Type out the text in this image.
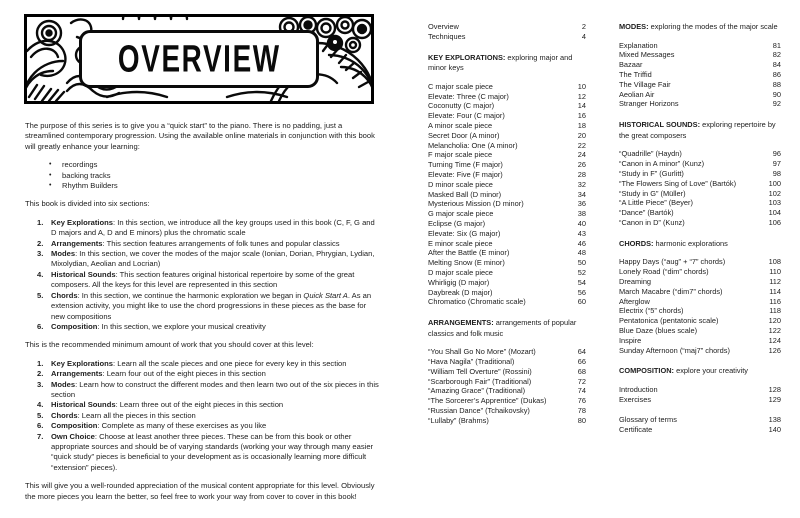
OVERVIEW

The purpose of this series is to give you a “quick start” to the piano. There is no padding, just a streamlined contemporary progression. Using the available online materials in conjunction with this book will greatly enhance your learning:

• recordings
• backing tracks
• Rhythm Builders

This book is divided into six sections:

Key Explorations: In this section, we introduce all the key groups used in this book (C, F, G and D majors and A, D and E minors) plus the chromatic scale
Arrangements: This section features arrangements of folk tunes and popular classics
Modes: In this section, we cover the modes of the major scale (Ionian, Dorian, Phrygian, Lydian, Mixolydian, Aeolian and Locrian)
Historical Sounds: This section features original historical repertoire by some of the great composers. All the keys for this level are represented in this section
Chords: In this section, we continue the harmonic exploration we began in Quick Start A. As an extension activity, you might like to use the chord progressions in these pieces as the base for new compositions
Composition: In this section, we explore your musical creativity

This is the recommended minimum amount of work that you should cover at this level:

Key Explorations: Learn all the scale pieces and one piece for every key in this section
Arrangements: Learn four out of the eight pieces in this section
Modes: Learn how to construct the different modes and then learn two out of the six pieces in this section
Historical Sounds: Learn three out of the eight pieces in this section
Chords: Learn all the pieces in this section
Composition: Complete as many of these exercises as you like
Own Choice: Choose at least another three pieces. These can be from this book or other appropriate sources and should be of varying standards (working your way through many easier “quick study” pieces is beneficial to your development as is occasionally learning more difficult “extension” pieces).

This will give you a well-rounded appreciation of the musical content appropriate for this level. Obviously the more pieces you learn the better, so feel free to work your way from cover to cover in this book!

Overview	2
Techniques	4
KEY EXPLORATIONS: exploring major and minor keys
C major scale piece	10
Elevate: Three (C major)	12
Coconutty (C major)	14
Elevate: Four (C major)	16
A minor scale piece	18
Secret Door (A minor)	20
Melancholia: One (A minor)	22
F major scale piece	24
Turning Time (F major)	26
Elevate: Five (F major)	28
D minor scale piece	32
Masked Ball (D minor)	34
Mysterious Mission (D minor)	36
G major scale piece	38
Eclipse (G major)	40
Elevate: Six (G major)	43
E minor scale piece	46
After the Battle (E minor)	48
Melting Snow (E minor)	50
D major scale piece	52
Whirligig (D major)	54
Daybreak (D major)	56
Chromatico (Chromatic scale)	60
ARRANGEMENTS: arrangements of popular classics and folk music
“You Shall Go No More” (Mozart)	64
“Hava Nagila” (Traditional)	66
“William Tell Overture” (Rossini)	68
“Scarborough Fair” (Traditional)	72
“Amazing Grace” (Traditional)	74
“The Sorcerer’s Apprentice” (Dukas)	76
“Russian Dance” (Tchaikovsky)	78
“Lullaby” (Brahms)	80
MODES: exploring the modes of the major scale
Explanation	81
Mixed Messages	82
Bazaar	84
The Triffid	86
The Village Fair	88
Aeolian Air	90
Stranger Horizons	92
HISTORICAL SOUNDS: exploring repertoire by the great composers
“Quadrille” (Haydn)	96
“Canon in A minor” (Kunz)	97
“Study in F” (Gurlitt)	98
“The Flowers Sing of Love” (Bartók)	100
“Study in G” (Müller)	102
“A Little Piece” (Beyer)	103
“Dance” (Bartók)	104
“Canon in D” (Kunz)	106
CHORDS: harmonic explorations
Happy Days (“aug” + “7” chords)	108
Lonely Road (“dim” chords)	110
Dreaming	112
March Macabre (“dim7” chords)	114
Afterglow	116
Electrix (“5” chords)	118
Pentatonica (pentatonic scale)	120
Blue Daze (blues scale)	122
Inspire	124
Sunday Afternoon (“maj7” chords)	126
COMPOSITION: explore your creativity
Introduction	128
Exercises	129
Glossary of terms	138
Certificate	140
